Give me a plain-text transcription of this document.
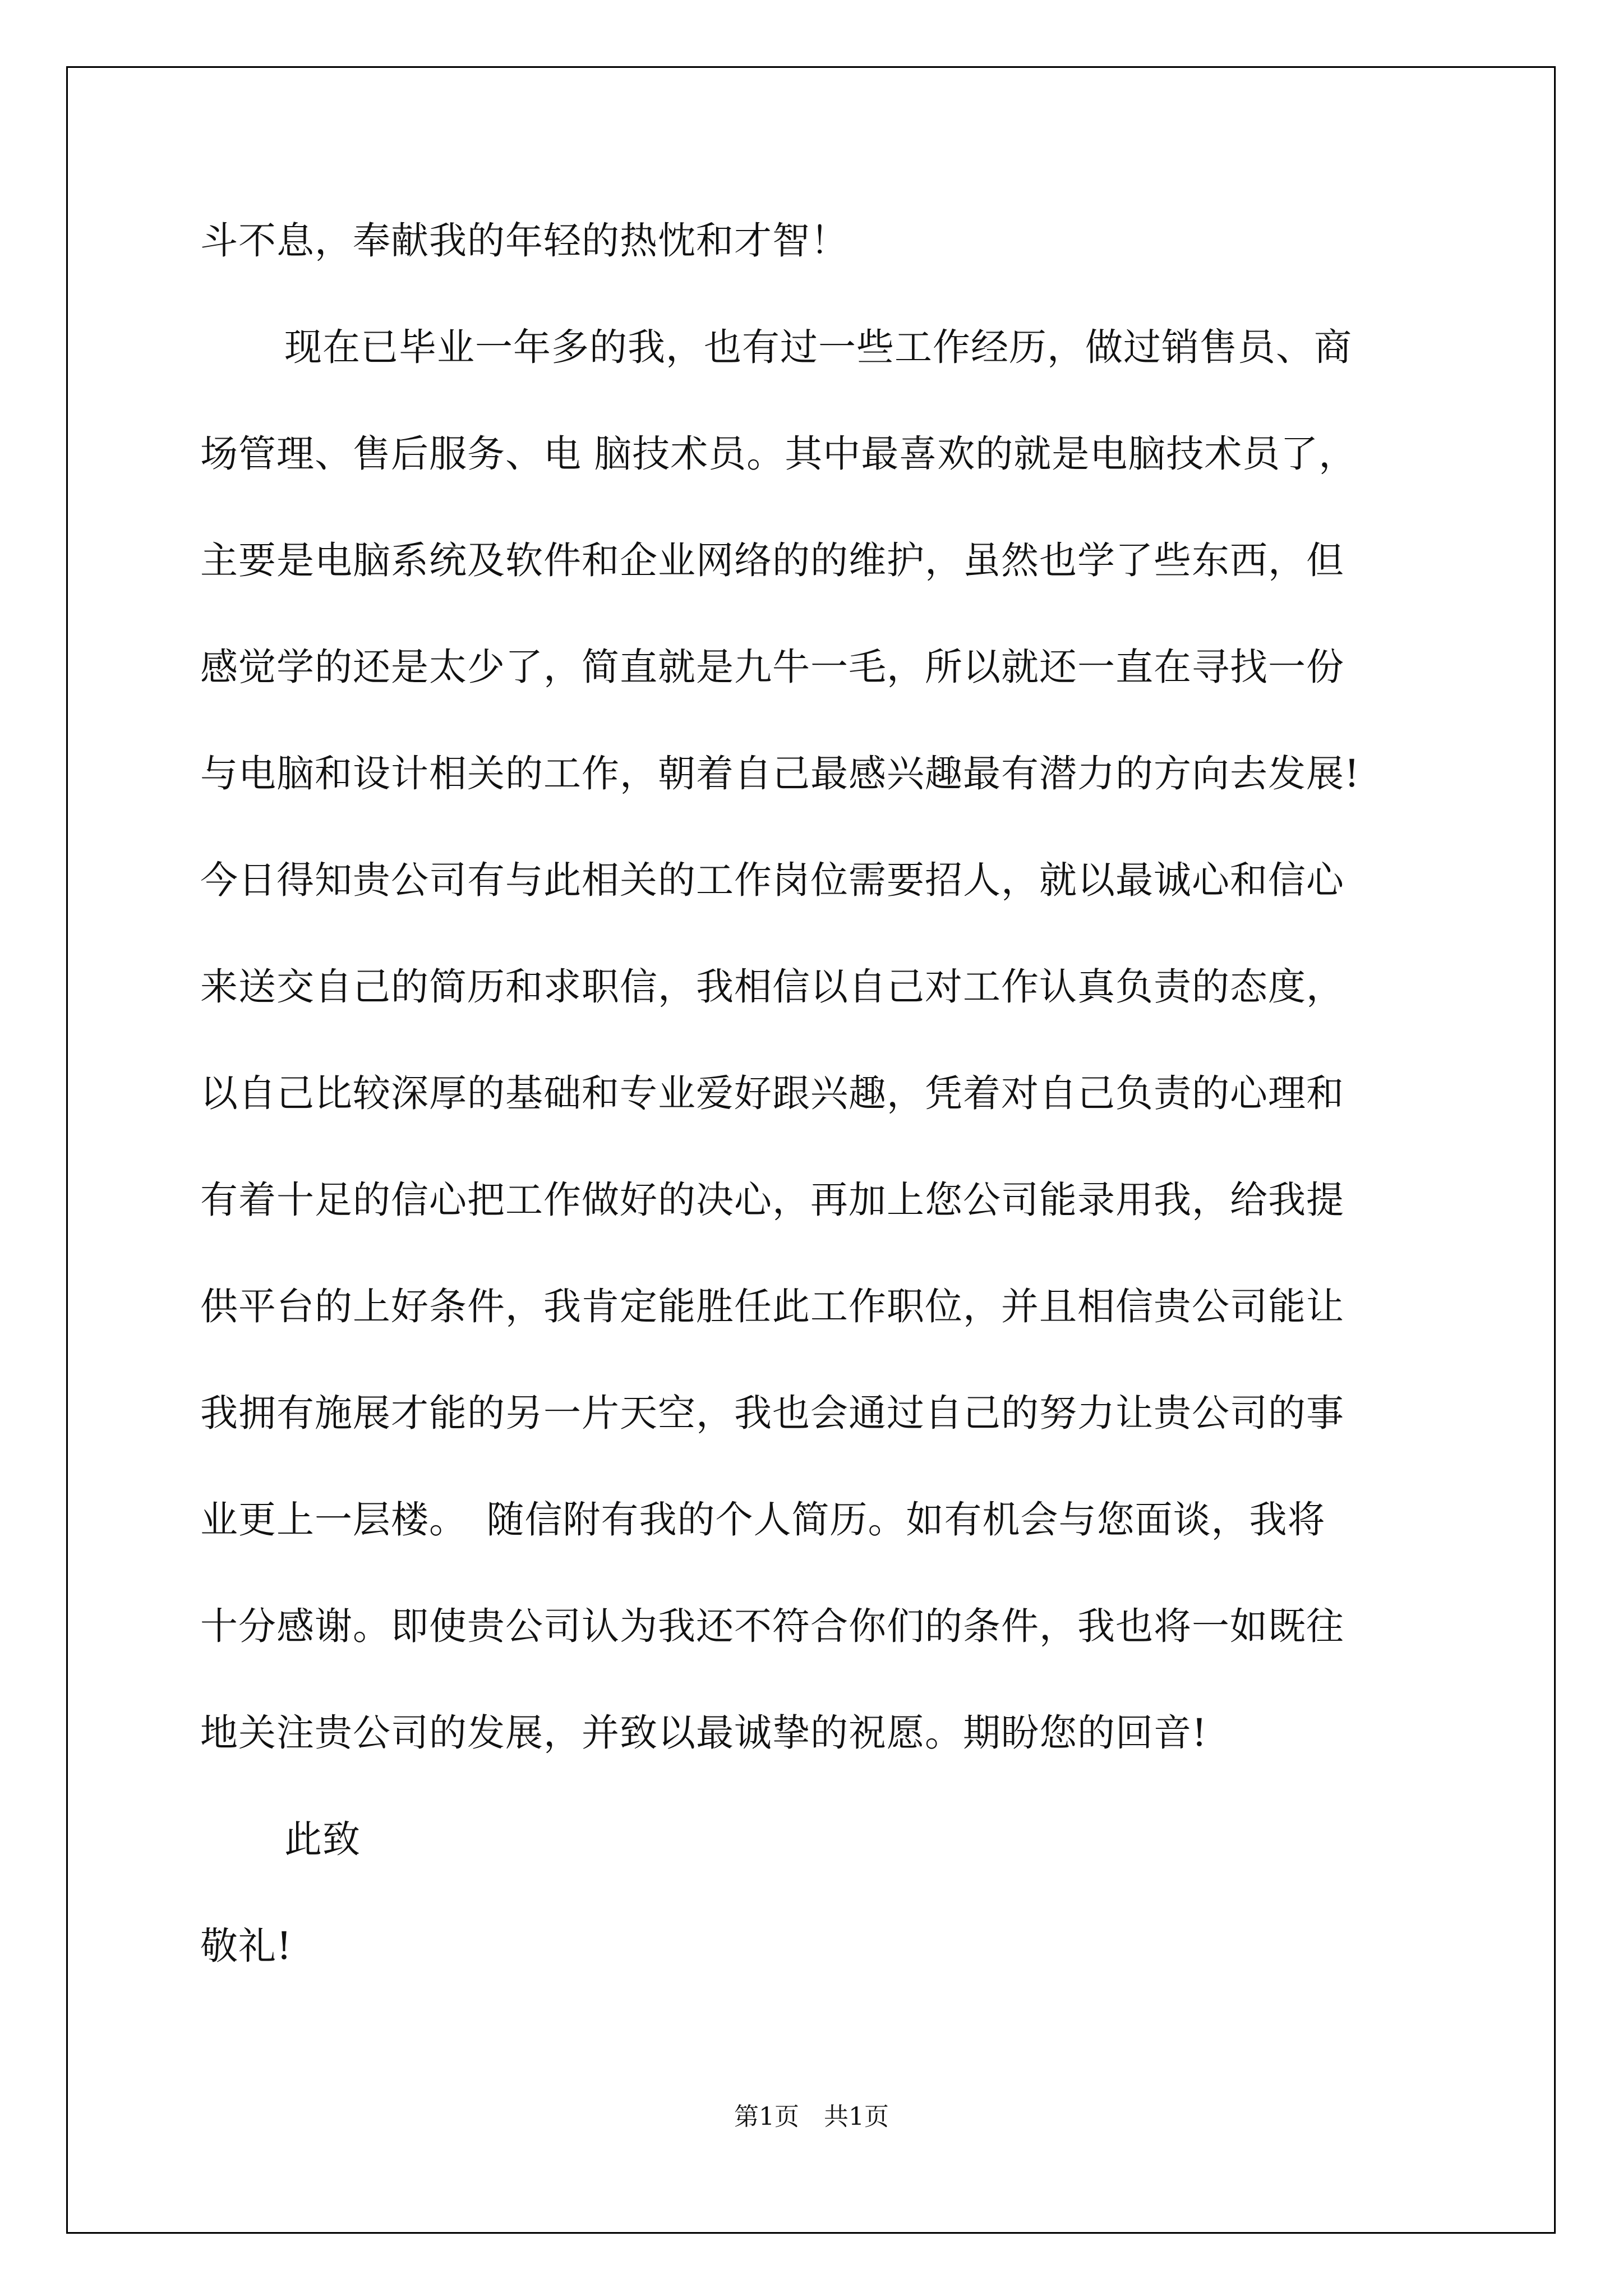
斗不息，奉献我的年轻的热忱和才智！
现在已毕业一年多的我，也有过一些工作经历，做过销售员、商
场管理、售后服务、电 脑技术员。其中最喜欢的就是电脑技术员了，
主要是电脑系统及软件和企业网络的的维护，虽然也学了些东西，但
感觉学的还是太少了，简直就是九牛一毛，所以就还一直在寻找一份
与电脑和设计相关的工作，朝着自己最感兴趣最有潜力的方向去发展!
今日得知贵公司有与此相关的工作岗位需要招人，就以最诚心和信心
来送交自己的简历和求职信，我相信以自己对工作认真负责的态度，
以自己比较深厚的基础和专业爱好跟兴趣，凭着对自己负责的心理和
有着十足的信心把工作做好的决心，再加上您公司能录用我，给我提
供平台的上好条件，我肯定能胜任此工作职位，并且相信贵公司能让
我拥有施展才能的另一片天空，我也会通过自己的努力让贵公司的事
业更上一层楼。　随信附有我的个人简历。如有机会与您面谈，我将
十分感谢。即使贵公司认为我还不符合你们的条件，我也将一如既往
地关注贵公司的发展，并致以最诚挚的祝愿。期盼您的回音!
此致
敬礼!
第1页　共1页
